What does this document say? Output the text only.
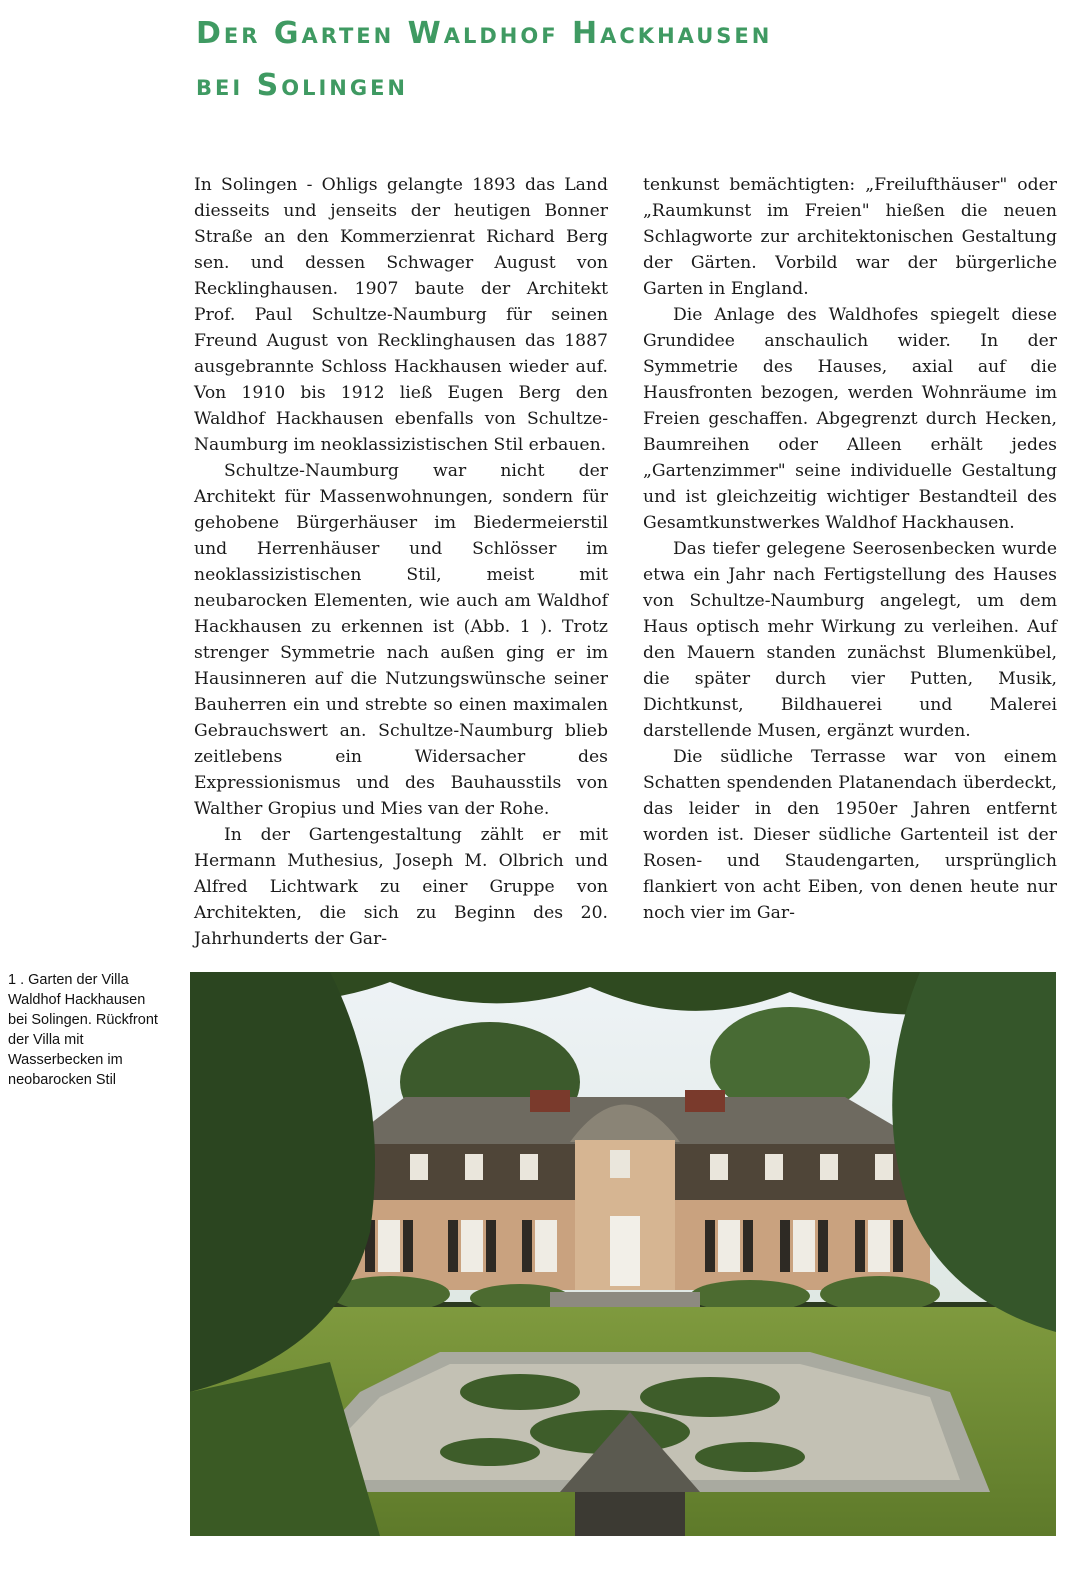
Der Garten Waldhof Hackhausen
bei Solingen

In Solingen - Ohligs gelangte 1893 das Land diesseits und jenseits der heutigen Bonner Straße an den Kommerzienrat Richard Berg sen. und dessen Schwager August von Recklinghausen. 1907 baute der Architekt Prof. Paul Schultze-Naumburg für seinen Freund August von Recklinghausen das 1887 ausgebrannte Schloss Hackhausen wieder auf. Von 1910 bis 1912 ließ Eugen Berg den Waldhof Hackhausen ebenfalls von Schultze-Naumburg im neoklassizistischen Stil erbauen.

Schultze-Naumburg war nicht der Architekt für Massenwohnungen, sondern für gehobene Bürgerhäuser im Biedermeierstil und Herrenhäuser und Schlösser im neoklassizistischen Stil, meist mit neubarocken Elementen, wie auch am Waldhof Hackhausen zu erkennen ist (Abb. 1 ). Trotz strenger Symmetrie nach außen ging er im Hausinneren auf die Nutzungswünsche seiner Bauherren ein und strebte so einen maximalen Gebrauchswert an. Schultze-Naumburg blieb zeitlebens ein Widersacher des Expressionismus und des Bauhausstils von Walther Gropius und Mies van der Rohe.

In der Gartengestaltung zählt er mit Hermann Muthesius, Joseph M. Olbrich und Alfred Lichtwark zu einer Gruppe von Architekten, die sich zu Beginn des 20. Jahrhunderts der Gar-

tenkunst bemächtigten: „Freilufthäuser" oder „Raumkunst im Freien" hießen die neuen Schlagworte zur architektonischen Gestaltung der Gärten. Vorbild war der bürgerliche Garten in England.

Die Anlage des Waldhofes spiegelt diese Grundidee anschaulich wider. In der Symmetrie des Hauses, axial auf die Hausfronten bezogen, werden Wohnräume im Freien geschaffen. Abgegrenzt durch Hecken, Baumreihen oder Alleen erhält jedes „Gartenzimmer" seine individuelle Gestaltung und ist gleichzeitig wichtiger Bestandteil des Gesamtkunstwerkes Waldhof Hackhausen.

Das tiefer gelegene Seerosenbecken wurde etwa ein Jahr nach Fertigstellung des Hauses von Schultze-Naumburg angelegt, um dem Haus optisch mehr Wirkung zu verleihen. Auf den Mauern standen zunächst Blumenkübel, die später durch vier Putten, Musik, Dichtkunst, Bildhauerei und Malerei darstellende Musen, ergänzt wurden.

Die südliche Terrasse war von einem Schatten spendenden Platanendach überdeckt, das leider in den 1950er Jahren entfernt worden ist. Dieser südliche Gartenteil ist der Rosen- und Staudengarten, ursprünglich flankiert von acht Eiben, von denen heute nur noch vier im Gar-

1 . Garten der Villa Waldhof Hackhausen bei Solingen. Rückfront der Villa mit Wasserbecken im neobarocken Stil
